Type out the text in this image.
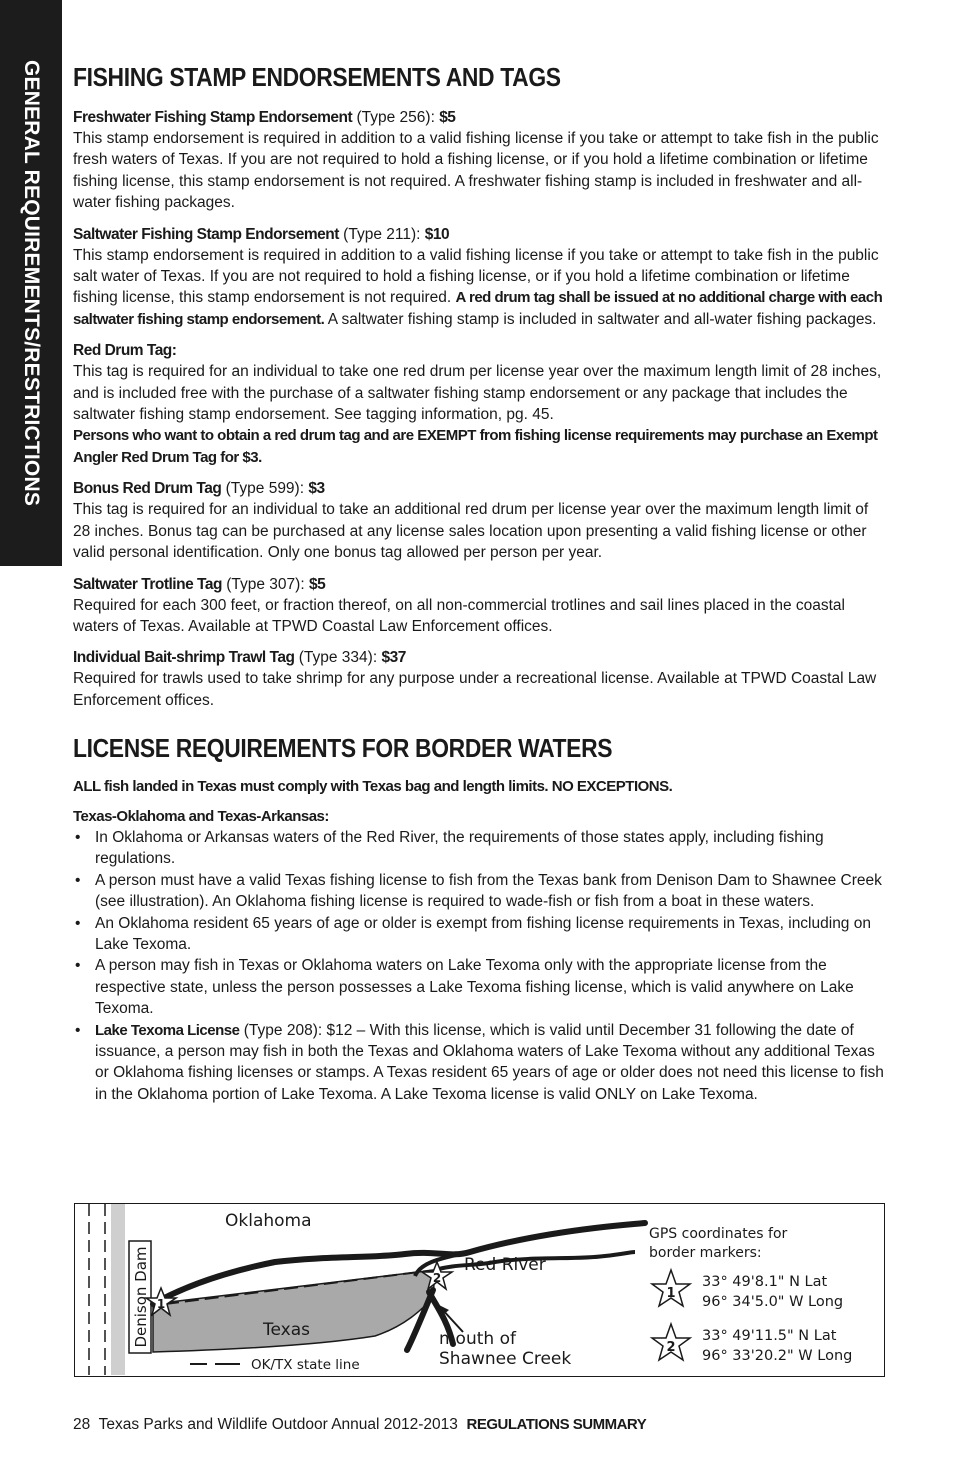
GENERAL REQUIREMENTS/RESTRICTIONS FISHING STAMP ENDORSEMENTS AND TAGS
Freshwater Fishing Stamp Endorsement (Type 256): $5

This stamp endorsement is required in addition to a valid fishing license if you take or attempt to take fish in the public fresh waters of Texas. If you are not required to hold a fishing license, or if you hold a lifetime combination or lifetime fishing license, this stamp endorsement is not required. A freshwater fishing stamp is included in freshwater and all-water fishing packages.

Saltwater Fishing Stamp Endorsement (Type 211): $10

This stamp endorsement is required in addition to a valid fishing license if you take or attempt to take fish in the public salt water of Texas. If you are not required to hold a fishing license, or if you hold a lifetime combination or lifetime fishing license, this stamp endorsement is not required. A red drum tag shall be issued at no additional charge with each saltwater fishing stamp endorsement. A saltwater fishing stamp is included in saltwater and all-water fishing packages.

Red Drum Tag:

This tag is required for an individual to take one red drum per license year over the maximum length limit of 28 inches, and is included free with the purchase of a saltwater fishing stamp endorsement or any package that includes the saltwater fishing stamp endorsement. See tagging information, pg. 45.

Persons who want to obtain a red drum tag and are EXEMPT from fishing license requirements may purchase an Exempt Angler Red Drum Tag for $3.

Bonus Red Drum Tag (Type 599): $3

This tag is required for an individual to take an additional red drum per license year over the maximum length limit of 28 inches. Bonus tag can be purchased at any license sales location upon presenting a valid fishing license or other valid personal identification. Only one bonus tag allowed per person per year.

Saltwater Trotline Tag (Type 307): $5

Required for each 300 feet, or fraction thereof, on all non-commercial trotlines and sail lines placed in the coastal waters of Texas. Available at TPWD Coastal Law Enforcement offices.

Individual Bait-shrimp Trawl Tag (Type 334): $37

Required for trawls used to take shrimp for any purpose under a recreational license. Available at TPWD Coastal Law Enforcement offices.

LICENSE REQUIREMENTS FOR BORDER WATERS

ALL fish landed in Texas must comply with Texas bag and length limits. NO EXCEPTIONS.

Texas-Oklahoma and Texas-Arkansas:

• In Oklahoma or Arkansas waters of the Red River, the requirements of those states apply, including fishing regulations.
• A person must have a valid Texas fishing license to fish from the Texas bank from Denison Dam to Shawnee Creek (see illustration). An Oklahoma fishing license is required to wade-fish or fish from a boat in these waters.
• An Oklahoma resident 65 years of age or older is exempt from fishing license requirements in Texas, including on Lake Texoma.
• A person may fish in Texas or Oklahoma waters on Lake Texoma only with the appropriate license from the respective state, unless the person possesses a Lake Texoma fishing license, which is valid anywhere on Lake Texoma.
• Lake Texoma License (Type 208): $12 – With this license, which is valid until December 31 following the date of issuance, a person may fish in both the Texas and Oklahoma waters of Lake Texoma without any additional Texas or Oklahoma fishing licenses or stamps. A Texas resident 65 years of age or older does not need this license to fish in the Oklahoma portion of Lake Texoma. A Lake Texoma license is valid ONLY on Lake Texoma.
Denison Dam 1
2
Oklahoma
Texas
Red River
mouth of
Shawnee Creek
OK/TX state line
GPS coordinates for
border markers:
1
33° 49'8.1" N Lat
96° 34'5.0" W Long
2
33° 49'11.5" N Lat
96° 33'20.2" W Long
28 Texas Parks and Wildlife Outdoor Annual 2012-2013 REGULATIONS SUMMARY
